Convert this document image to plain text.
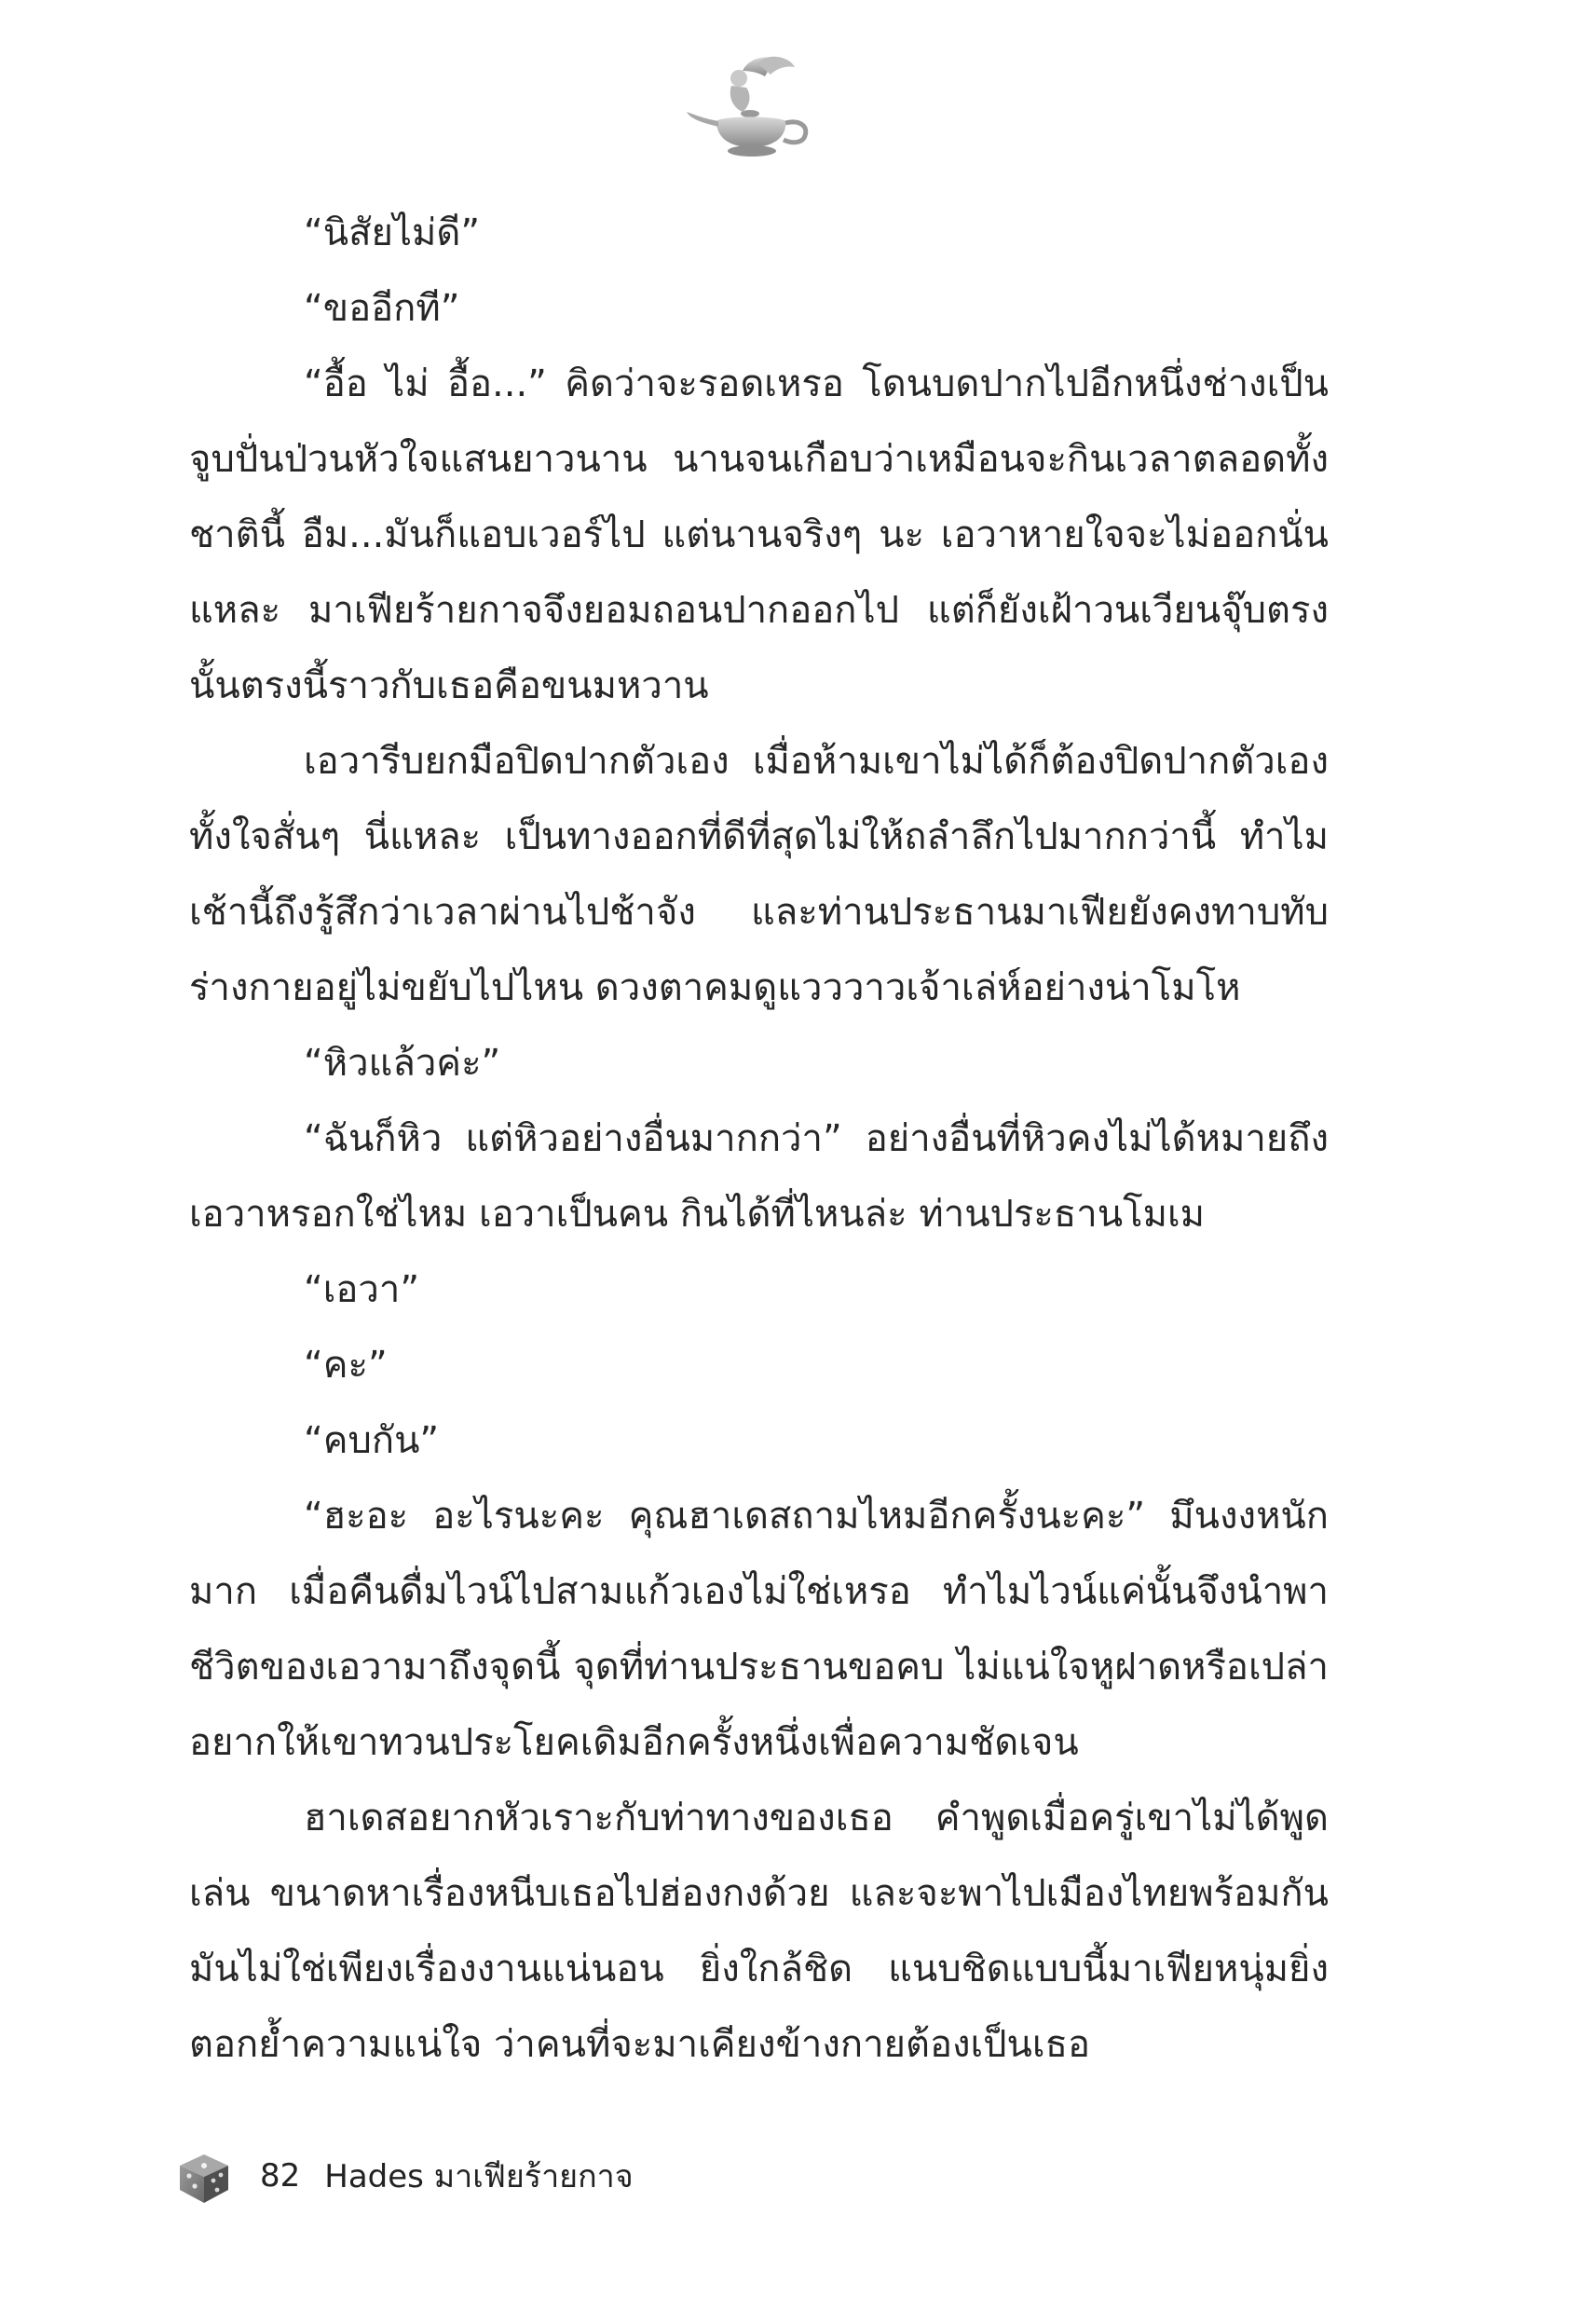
“นิสัยไม่ดี”

“ขออีกที”

“อื้อ ไม่ อื้อ...” คิดว่าจะรอดเหรอ โดนบดปากไปอีกหนึ่งช่างเป็นจูบปั่นป่วนหัวใจแสนยาวนาน นานจนเกือบว่าเหมือนจะกินเวลาตลอดทั้งชาตินี้ อืม...มันก็แอบเวอร์ไป แต่นานจริงๆ นะ เอวาหายใจจะไม่ออกนั่นแหละ มาเฟียร้ายกาจจึงยอมถอนปากออกไป แต่ก็ยังเฝ้าวนเวียนจุ๊บตรงนั้นตรงนี้ราวกับเธอคือขนมหวาน

เอวารีบยกมือปิดปากตัวเอง เมื่อห้ามเขาไม่ได้ก็ต้องปิดปากตัวเองทั้งใจสั่นๆ นี่แหละ เป็นทางออกที่ดีที่สุดไม่ให้ถลำลึกไปมากกว่านี้ ทำไมเช้านี้ถึงรู้สึกว่าเวลาผ่านไปช้าจัง และท่านประธานมาเฟียยังคงทาบทับร่างกายอยู่ไม่ขยับไปไหน ดวงตาคมดูแวววาวเจ้าเล่ห์อย่างน่าโมโห

“หิวแล้วค่ะ”

“ฉันก็หิว แต่หิวอย่างอื่นมากกว่า” อย่างอื่นที่หิวคงไม่ได้หมายถึงเอวาหรอกใช่ไหม เอวาเป็นคน กินได้ที่ไหนล่ะ ท่านประธานโมเม

“เอวา”

“คะ”

“คบกัน”

“ฮะอะ อะไรนะคะ คุณฮาเดสถามไหมอีกครั้งนะคะ” มึนงงหนักมาก เมื่อคืนดื่มไวน์ไปสามแก้วเองไม่ใช่เหรอ ทำไมไวน์แค่นั้นจึงนำพาชีวิตของเอวามาถึงจุดนี้ จุดที่ท่านประธานขอคบ ไม่แน่ใจหูฝาดหรือเปล่า อยากให้เขาทวนประโยคเดิมอีกครั้งหนึ่งเพื่อความชัดเจน

ฮาเดสอยากหัวเราะกับท่าทางของเธอ คำพูดเมื่อครู่เขาไม่ได้พูดเล่น ขนาดหาเรื่องหนีบเธอไปฮ่องกงด้วย และจะพาไปเมืองไทยพร้อมกัน มันไม่ใช่เพียงเรื่องงานแน่นอน ยิ่งใกล้ชิด แนบชิดแบบนี้มาเฟียหนุ่มยิ่งตอกย้ำความแน่ใจ ว่าคนที่จะมาเคียงข้างกายต้องเป็นเธอ

82 Hades มาเฟียร้ายกาจ
